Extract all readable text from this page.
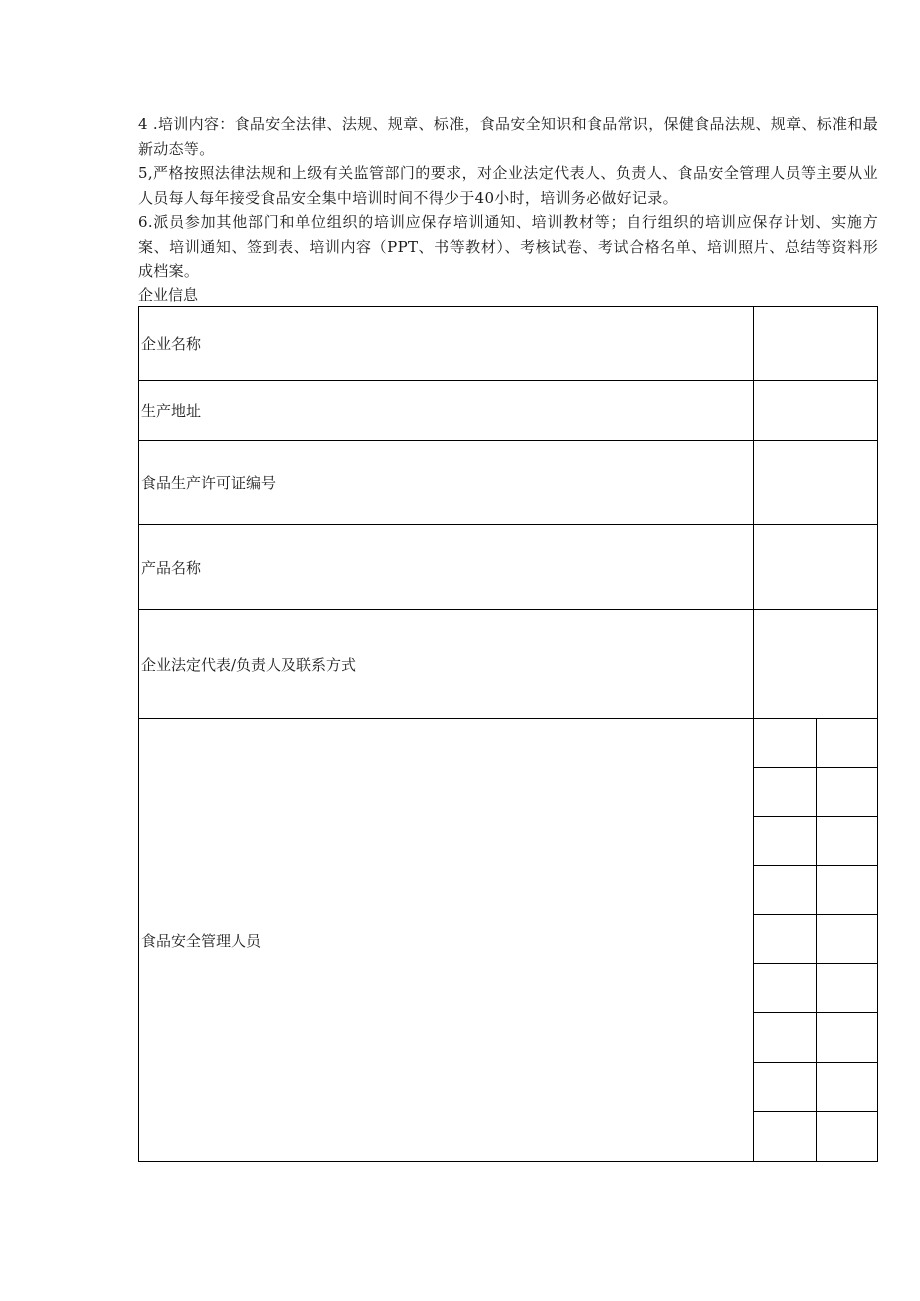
4 .培训内容：食品安全法律、法规、规章、标准，食品安全知识和食品常识，保健食品法规、规章、标准和最新动态等。

5,严格按照法律法规和上级有关监管部门的要求，对企业法定代表人、负责人、食品安全管理人员等主要从业人员每人每年接受食品安全集中培训时间不得少于40小时，培训务必做好记录。

6.派员参加其他部门和单位组织的培训应保存培训通知、培训教材等；自行组织的培训应保存计划、实施方案、培训通知、签到表、培训内容（PPT、书等教材）、考核试卷、考试合格名单、培训照片、总结等资料形成档案。

企业信息
企业名称
生产地址
食品生产许可证编号
产品名称
企业法定代表/负责人及联系方式
食品安全管理人员
